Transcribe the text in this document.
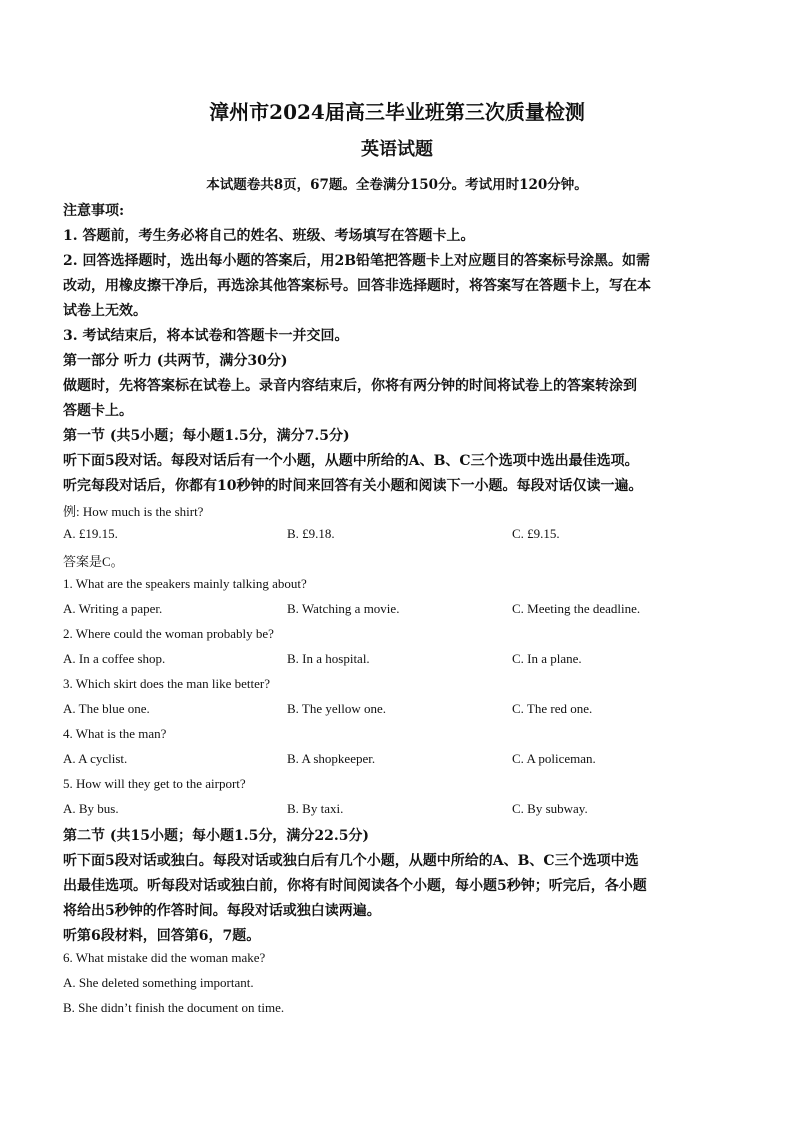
漳州市2024届高三毕业班第三次质量检测
英语试题
本试题卷共8页，67题。全卷满分150分。考试用时120分钟。
注意事项:
1. 答题前，考生务必将自己的姓名、班级、考场填写在答题卡上。
2. 回答选择题时，选出每小题的答案后，用2B铅笔把答题卡上对应题目的答案标号涂黑。如需
改动，用橡皮擦干净后，再选涂其他答案标号。回答非选择题时，将答案写在答题卡上，写在本
试卷上无效。
3. 考试结束后，将本试卷和答题卡一并交回。
第一部分 听力 (共两节，满分30分)
做题时，先将答案标在试卷上。录音内容结束后，你将有两分钟的时间将试卷上的答案转涂到
答题卡上。
第一节 (共5小题；每小题1.5分，满分7.5分)
听下面5段对话。每段对话后有一个小题，从题中所给的A、B、C三个选项中选出最佳选项。
听完每段对话后，你都有10秒钟的时间来回答有关小题和阅读下一小题。每段对话仅读一遍。
例: How much is the shirt?
A. £19.15.	B. £9.18.	C. £9.15.
答案是C。
1. What are the speakers mainly talking about?
A. Writing a paper.	B. Watching a movie.	C. Meeting the deadline.
2. Where could the woman probably be?
A. In a coffee shop.	B. In a hospital.	C. In a plane.
3. Which skirt does the man like better?
A. The blue one.	B. The yellow one.	C. The red one.
4. What is the man?
A. A cyclist.	B. A shopkeeper.	C. A policeman.
5. How will they get to the airport?
A. By bus.	B. By taxi.	C. By subway.
第二节 (共15小题；每小题1.5分，满分22.5分)
听下面5段对话或独白。每段对话或独白后有几个小题，从题中所给的A、B、C三个选项中选
出最佳选项。听每段对话或独白前，你将有时间阅读各个小题，每小题5秒钟；听完后，各小题
将给出5秒钟的作答时间。每段对话或独白读两遍。
听第6段材料，回答第6，7题。
6. What mistake did the woman make?
A. She deleted something important.
B. She didn’t finish the document on time.
